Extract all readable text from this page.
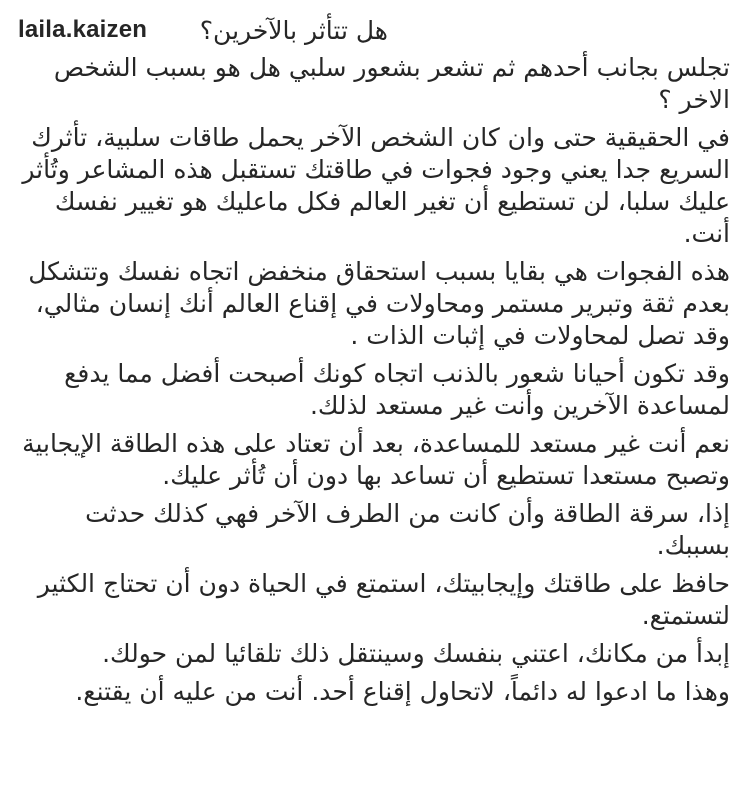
laila.kaizen هل تتأثر بالآخرين؟

تجلس بجانب أحدهم ثم تشعر بشعور سلبي هل هو بسبب الشخص الاخر ؟

في الحقيقية حتى وان كان الشخص الآخر يحمل طاقات سلبية، تأثرك السريع جدا يعني وجود فجوات في طاقتك تستقبل هذه المشاعر وتُأثر عليك سلبا، لن تستطيع أن تغير العالم فكل ماعليك هو تغيير نفسك أنت.

هذه الفجوات هي بقايا بسبب استحقاق منخفض اتجاه نفسك وتتشكل بعدم ثقة وتبرير مستمر ومحاولات في إقناع العالم أنك إنسان مثالي، وقد تصل لمحاولات في إثبات الذات .

وقد تكون أحيانا شعور بالذنب اتجاه كونك أصبحت أفضل مما يدفع لمساعدة الآخرين وأنت غير مستعد لذلك.

نعم أنت غير مستعد للمساعدة، بعد أن تعتاد على هذه الطاقة الإيجابية وتصبح مستعدا تستطيع أن تساعد بها دون أن تُأثر عليك.

إذا، سرقة الطاقة وأن كانت من الطرف الآخر فهي كذلك حدثت بسببك.

حافظ على طاقتك وإيجابيتك، استمتع في الحياة دون أن تحتاج الكثير لتستمتع.

إبدأ من مكانك، اعتني بنفسك وسينتقل ذلك تلقائيا لمن حولك.

وهذا ما ادعوا له دائماً، لاتحاول إقناع أحد. أنت من عليه أن يقتنع.
